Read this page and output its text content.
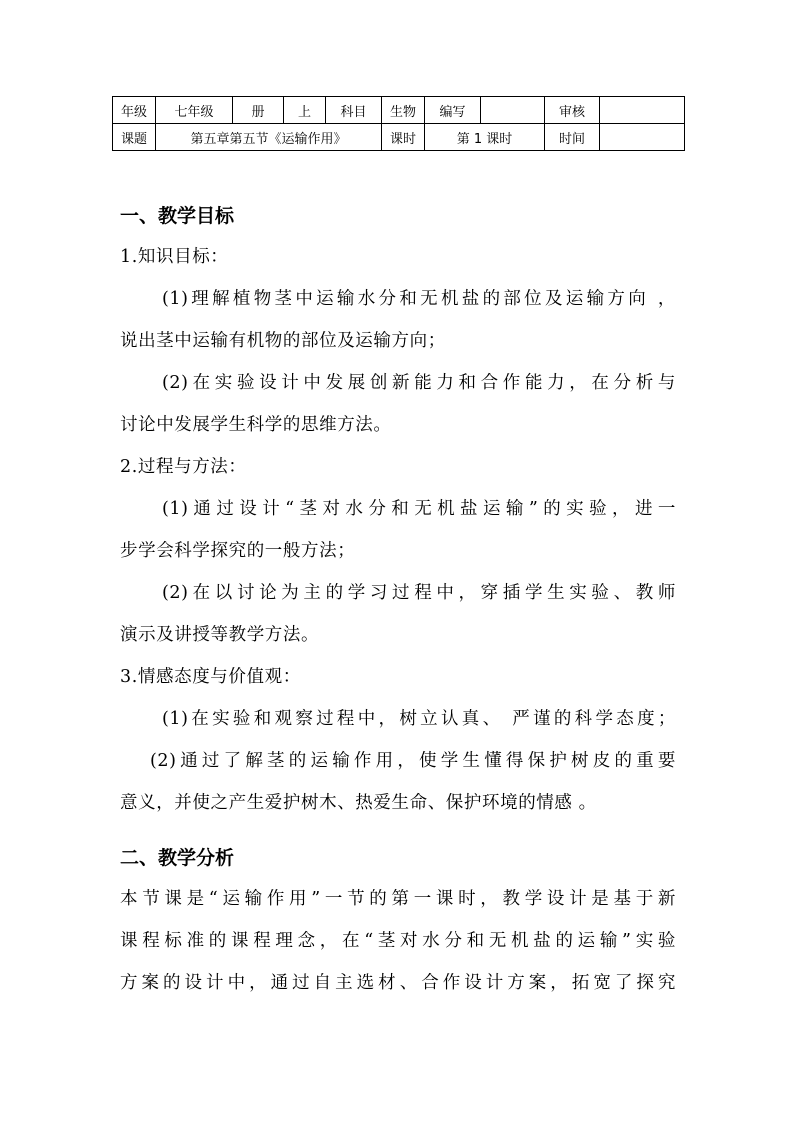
年级	七年级	册	上	科目	生物	编写		审核	
课题	第五章第五节《运输作用》				课时	第 1 课时		时间	
一、教学目标
1.知识目标：
(1)理解植物茎中运输水分和无机盐的部位及运输方向 ，
说出茎中运输有机物的部位及运输方向；
(2)在实验设计中发展创新能力和合作能力，在分析与
讨论中发展学生科学的思维方法。
2.过程与方法：
(1)通过设计“茎对水分和无机盐运输”的实验，进一
步学会科学探究的一般方法；
(2)在以讨论为主的学习过程中，穿插学生实验、教师
演示及讲授等教学方法。
3.情感态度与价值观：
(1)在实验和观察过程中，树立认真、 严谨的科学态度；
(2)通过了解茎的运输作用，使学生懂得保护树皮的重要
意义，并使之产生爱护树木、热爱生命、保护环境的情感 。
二、教学分析
本节课是“运输作用”一节的第一课时，教学设计是基于新
课程标准的课程理念，在“茎对水分和无机盐的运输”实验
方案的设计中，通过自主选材、合作设计方案，拓宽了探究
